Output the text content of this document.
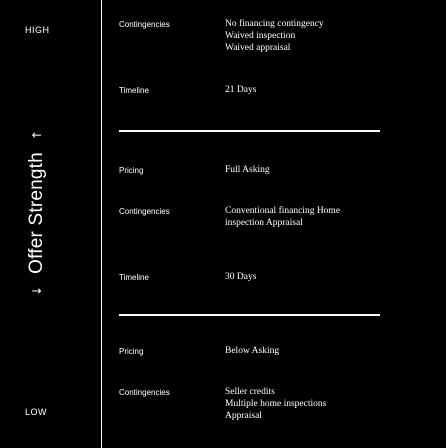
HIGH
LOW
↓
Offer Strength
↑
Contingencies	No financing contingency
Waived inspection
Waived appraisal
Timeline	21 Days
Pricing	Full Asking
Contingencies	Conventional financing Home
inspection Appraisal
Timeline	30 Days
Pricing	Below Asking
Contingencies	Seller credits
Multiple home inspections
Appraisal
